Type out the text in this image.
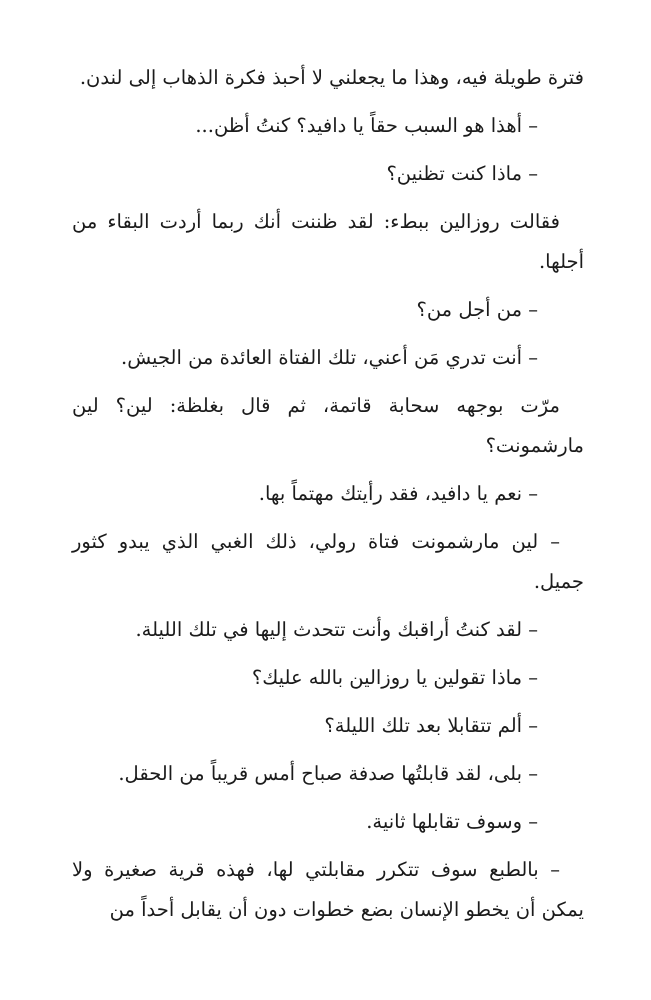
فترة طويلة فيه، وهذا ما يجعلني لا أحبذ فكرة الذهاب إلى لندن.

– أهذا هو السبب حقاً يا دافيد؟ كنتُ أظن...

– ماذا كنت تظنين؟

فقالت روزالين ببطء: لقد ظننت أنك ربما أردت البقاء من أجلها.

– من أجل من؟

– أنت تدري مَن أعني، تلك الفتاة العائدة من الجيش.

مرّت بوجهه سحابة قاتمة، ثم قال بغلظة: لين؟ لين مارشمونت؟

– نعم يا دافيد، فقد رأيتك مهتماً بها.

– لين مارشمونت فتاة رولي، ذلك الغبي الذي يبدو كثور جميل.

– لقد كنتُ أراقبك وأنت تتحدث إليها في تلك الليلة.

– ماذا تقولين يا روزالين بالله عليك؟

– ألم تتقابلا بعد تلك الليلة؟

– بلى، لقد قابلتُها صدفة صباح أمس قريباً من الحقل.

– وسوف تقابلها ثانية.

– بالطبع سوف تتكرر مقابلتي لها، فهذه قرية صغيرة ولا يمكن أن يخطو الإنسان بضع خطوات دون أن يقابل أحداً من
